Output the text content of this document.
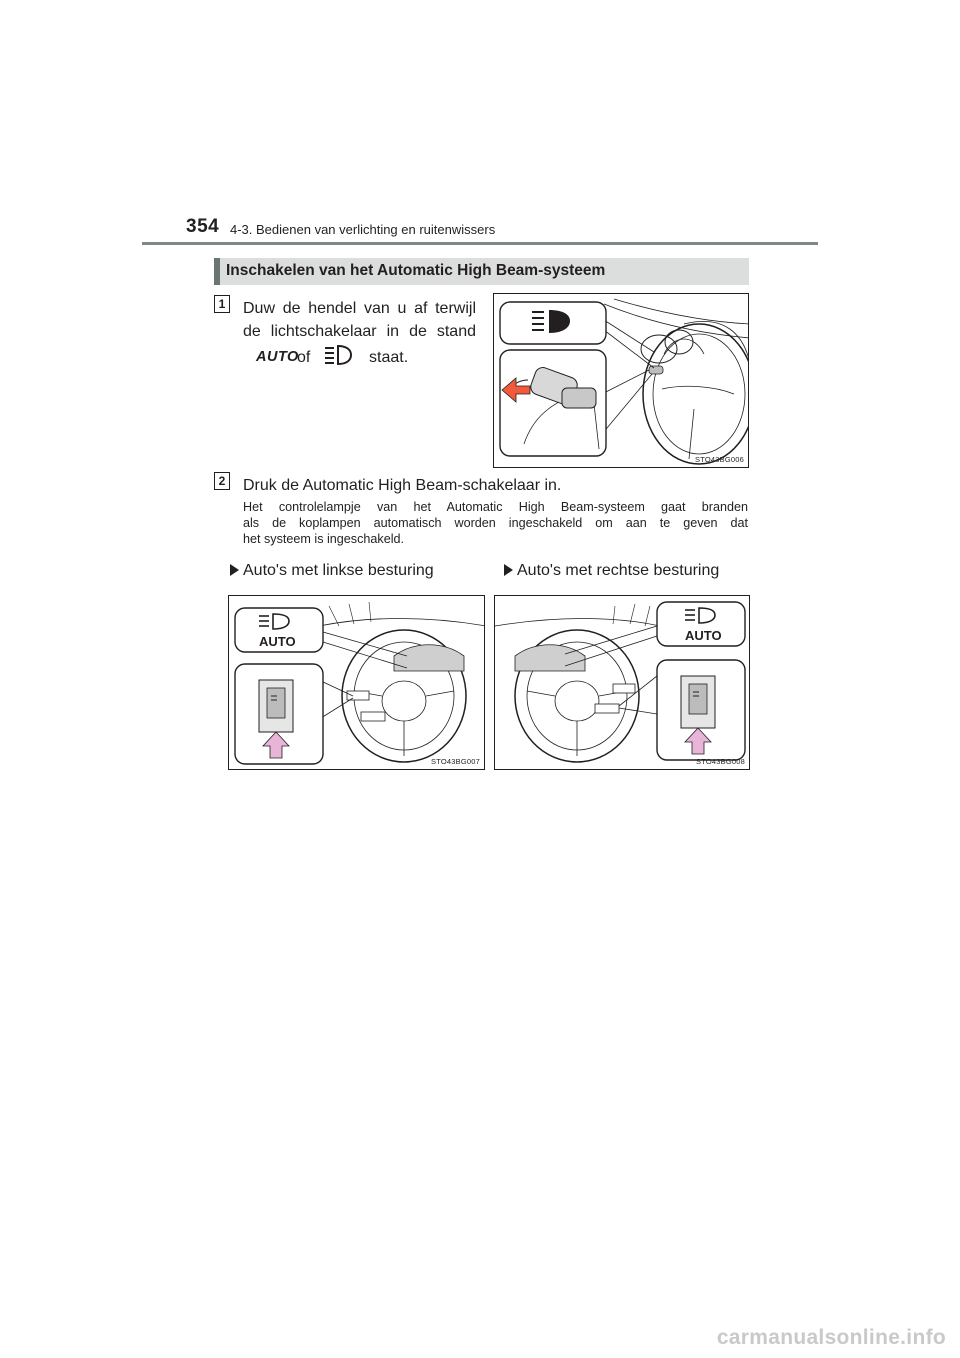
354 4-3. Bedienen van verlichting en ruitenwissers
Inschakelen van het Automatic High Beam-systeem
1 Duw de hendel van u af terwijl
de lichtschakelaar in de stand
AUTO
of	staat.
STO43BG006
2 Druk de Automatic High Beam-schakelaar in.
Het controlelampje van het Automatic High Beam-systeem gaat branden
als de koplampen automatisch worden ingeschakeld om aan te geven dat
het systeem is ingeschakeld.
Auto's met linkse besturing	Auto's met rechtse besturing
AUTO
STO43BG007
AUTO
STO43BG008
carmanualsonline.info
